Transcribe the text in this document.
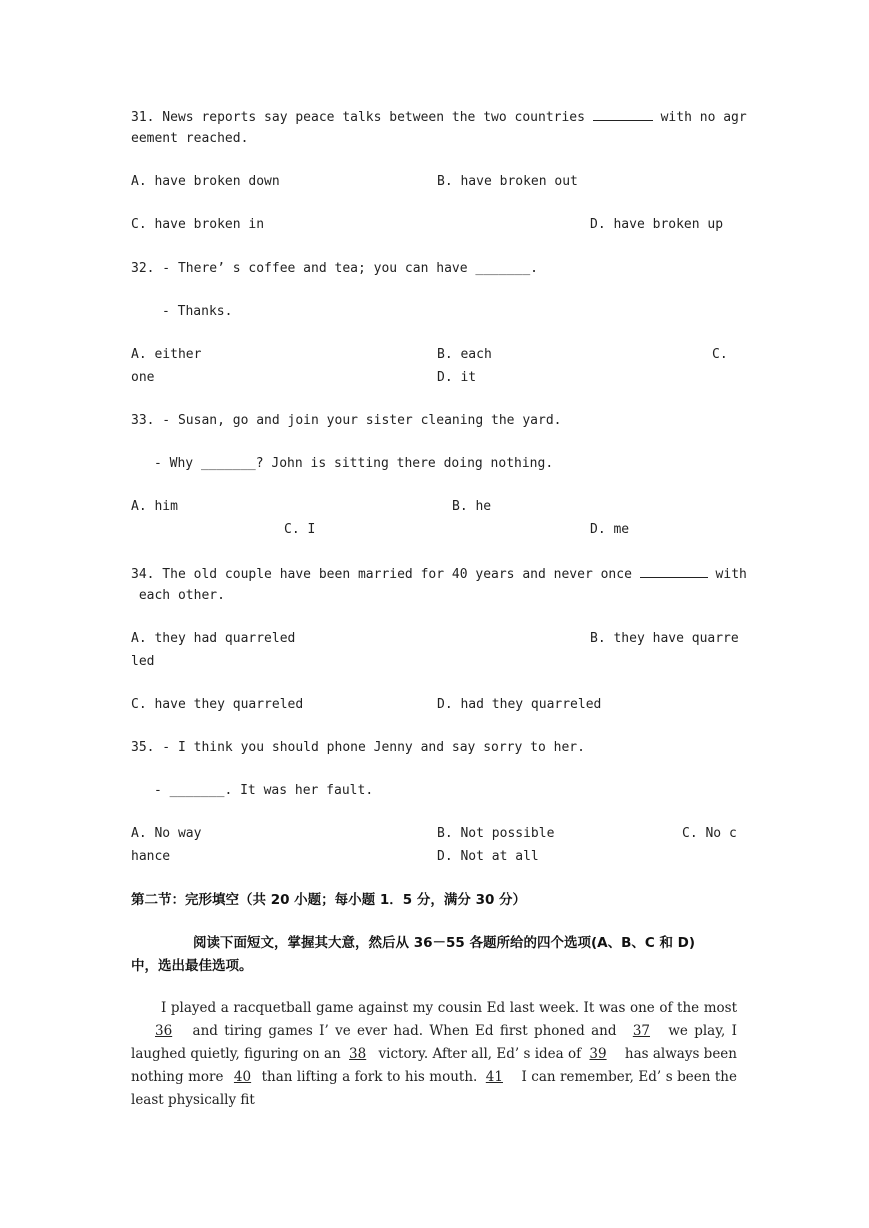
31. News reports say peace talks between the two countries	with no agr
eement reached.
A. have broken down	B. have broken out
C. have broken in	D. have broken up
32. - There’ s coffee and tea; you can have _______.
- Thanks.
A. either	B. each	C.
one	D. it
33. - Susan, go and join your sister cleaning the yard.
- Why _______? John is sitting there doing nothing.
A. him	B. he
C. I	D. me
34. The old couple have been married for 40 years and never once	with
each other.
A. they had quarreled	B. they have quarre
led
C. have they quarreled	D. had they quarreled
35. - I think you should phone Jenny and say sorry to her.
- _______. It was her fault.
A. No way	B. Not possible	C. No c
hance	D. Not at all
第二节：完形填空（共 20 小题；每小题 1．5 分，满分 30 分）
阅读下面短文，掌握其大意，然后从 36－55 各题所给的四个选项(A、B、C 和 D)
中，选出最佳选项。
I played a racquetball game against my cousin Ed last week. It was one of the most 36 and tiring games I’ ve ever had. When Ed first phoned and 37 we play, I laughed quietly, figuring on an 38 victory. After all, Ed’ s idea of 39 has always been nothing more 40 than lifting a fork to his mouth. 41 I can remember, Ed’ s been the least physically fit
